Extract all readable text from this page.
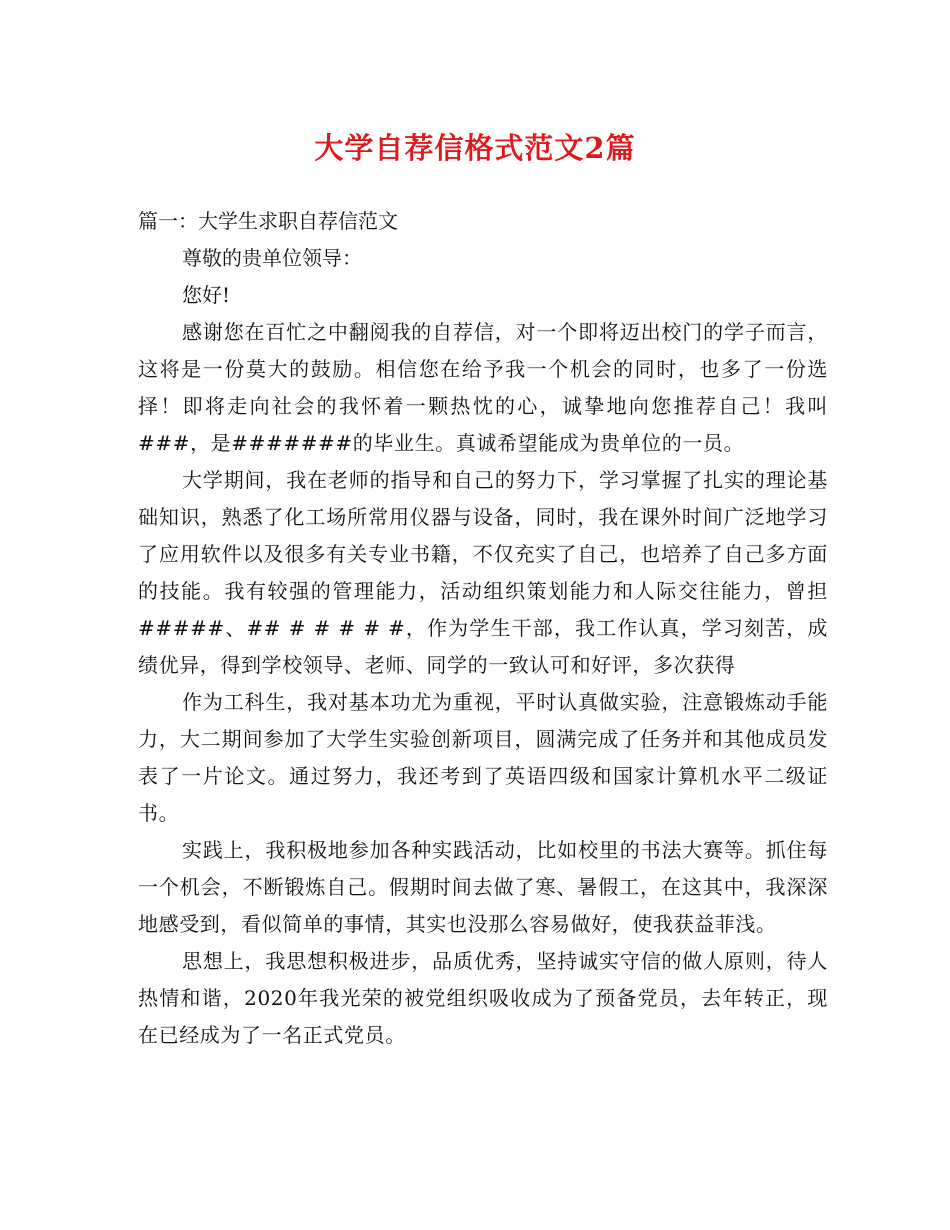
大学自荐信格式范文2篇

篇一：大学生求职自荐信范文

尊敬的贵单位领导：

您好!

感谢您在百忙之中翻阅我的自荐信，对一个即将迈出校门的学子而言，这将是一份莫大的鼓励。相信您在给予我一个机会的同时，也多了一份选择！即将走向社会的我怀着一颗热忱的心，诚挚地向您推荐自己！我叫###，是#######的毕业生。真诚希望能成为贵单位的一员。

大学期间，我在老师的指导和自己的努力下，学习掌握了扎实的理论基础知识，熟悉了化工场所常用仪器与设备，同时，我在课外时间广泛地学习了应用软件以及很多有关专业书籍，不仅充实了自己，也培养了自己多方面的技能。我有较强的管理能力，活动组织策划能力和人际交往能力，曾担#####、## # # # # #，作为学生干部，我工作认真，学习刻苦，成绩优异，得到学校领导、老师、同学的一致认可和好评，多次获得

作为工科生，我对基本功尤为重视，平时认真做实验，注意锻炼动手能力，大二期间参加了大学生实验创新项目，圆满完成了任务并和其他成员发表了一片论文。通过努力，我还考到了英语四级和国家计算机水平二级证书。

实践上，我积极地参加各种实践活动，比如校里的书法大赛等。抓住每一个机会，不断锻炼自己。假期时间去做了寒、暑假工，在这其中，我深深地感受到，看似简单的事情，其实也没那么容易做好，使我获益菲浅。

思想上，我思想积极进步，品质优秀，坚持诚实守信的做人原则，待人热情和谐，2020年我光荣的被党组织吸收成为了预备党员，去年转正，现在已经成为了一名正式党员。
